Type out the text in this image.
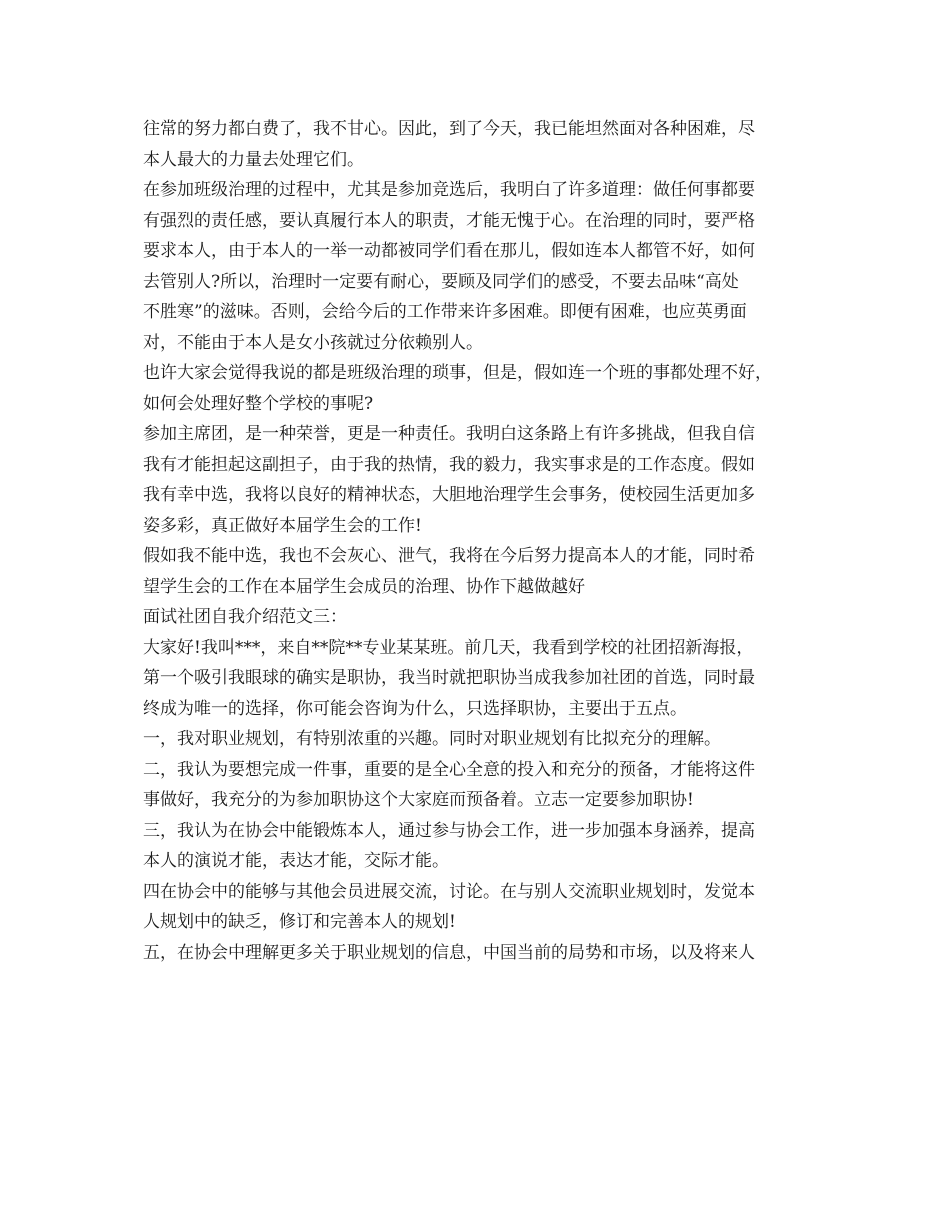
往常的努力都白费了，我不甘心。因此，到了今天，我已能坦然面对各种困难，尽
本人最大的力量去处理它们。
在参加班级治理的过程中，尤其是参加竞选后，我明白了许多道理：做任何事都要
有强烈的责任感，要认真履行本人的职责，才能无愧于心。在治理的同时，要严格
要求本人，由于本人的一举一动都被同学们看在那儿，假如连本人都管不好，如何
去管别人?所以，治理时一定要有耐心，要顾及同学们的感受，不要去品味“高处
不胜寒”的滋味。否则，会给今后的工作带来许多困难。即便有困难，也应英勇面
对，不能由于本人是女小孩就过分依赖别人。
也许大家会觉得我说的都是班级治理的琐事，但是，假如连一个班的事都处理不好，
如何会处理好整个学校的事呢?
参加主席团，是一种荣誉，更是一种责任。我明白这条路上有许多挑战，但我自信
我有才能担起这副担子，由于我的热情，我的毅力，我实事求是的工作态度。假如
我有幸中选，我将以良好的精神状态，大胆地治理学生会事务，使校园生活更加多
姿多彩，真正做好本届学生会的工作!
假如我不能中选，我也不会灰心、泄气，我将在今后努力提高本人的才能，同时希
望学生会的工作在本届学生会成员的治理、协作下越做越好
面试社团自我介绍范文三：
大家好!我叫***，来自**院**专业某某班。前几天，我看到学校的社团招新海报，
第一个吸引我眼球的确实是职协，我当时就把职协当成我参加社团的首选，同时最
终成为唯一的选择，你可能会咨询为什么，只选择职协，主要出于五点。
一，我对职业规划，有特别浓重的兴趣。同时对职业规划有比拟充分的理解。
二，我认为要想完成一件事，重要的是全心全意的投入和充分的预备，才能将这件
事做好，我充分的为参加职协这个大家庭而预备着。立志一定要参加职协!
三，我认为在协会中能锻炼本人，通过参与协会工作，进一步加强本身涵养，提高
本人的演说才能，表达才能，交际才能。
四在协会中的能够与其他会员进展交流，讨论。在与别人交流职业规划时，发觉本
人规划中的缺乏，修订和完善本人的规划!
五，在协会中理解更多关于职业规划的信息，中国当前的局势和市场，以及将来人
